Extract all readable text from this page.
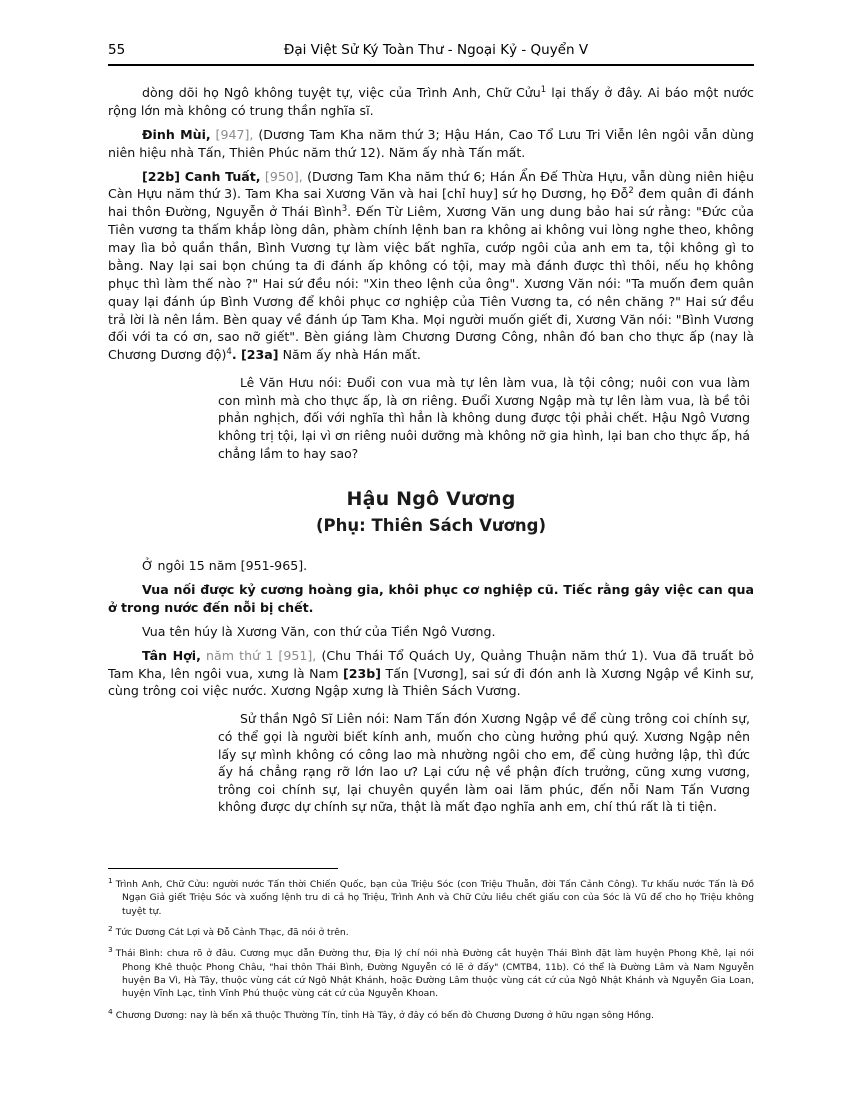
55	Đại Việt Sử Ký Toàn Thư - Ngoại Kỷ - Quyển V

dòng dõi họ Ngô không tuyệt tự, việc của Trình Anh, Chữ Cửu$^1$ lại thấy ở đây. Ai báo một nước rộng lớn mà không có trung thần nghĩa sĩ.

Đinh Mùi, [947], (Dương Tam Kha năm thứ 3; Hậu Hán, Cao Tổ Lưu Tri Viễn lên ngôi vẫn dùng niên hiệu nhà Tấn, Thiên Phúc năm thứ 12). Năm ấy nhà Tấn mất.

[22b] Canh Tuất, [950], (Dương Tam Kha năm thứ 6; Hán Ẩn Đế Thừa Hựu, vẫn dùng niên hiệu Càn Hựu năm thứ 3). Tam Kha sai Xương Văn và hai [chỉ huy] sứ họ Dương, họ Đỗ$^2$ đem quân đi đánh hai thôn Đường, Nguyễn ở Thái Bình$^3$. Đến Từ Liêm, Xương Văn ung dung bảo hai sứ rằng: "Đức của Tiên vương ta thấm khắp lòng dân, phàm chính lệnh ban ra không ai không vui lòng nghe theo, không may lìa bỏ quần thần, Bình Vương tự làm việc bất nghĩa, cướp ngôi của anh em ta, tội không gì to bằng. Nay lại sai bọn chúng ta đi đánh ấp không có tội, may mà đánh được thì thôi, nếu họ không phục thì làm thế nào ?" Hai sứ đều nói: "Xin theo lệnh của ông". Xương Văn nói: "Ta muốn đem quân quay lại đánh úp Bình Vương để khôi phục cơ nghiệp của Tiên Vương ta, có nên chăng ?" Hai sứ đều trả lời là nên lắm. Bèn quay về đánh úp Tam Kha. Mọi người muốn giết đi, Xương Văn nói: "Bình Vương đối với ta có ơn, sao nỡ giết". Bèn giáng làm Chương Dương Công, nhân đó ban cho thực ấp (nay là Chương Dương độ)$^4$. [23a] Năm ấy nhà Hán mất.

Lê Văn Hưu nói: Đuổi con vua mà tự lên làm vua, là tội công; nuôi con vua làm con mình mà cho thực ấp, là ơn riêng. Đuổi Xương Ngập mà tự lên làm vua, là bề tôi phản nghịch, đối với nghĩa thì hẳn là không dung được tội phải chết. Hậu Ngô Vương không trị tội, lại vì ơn riêng nuôi dưỡng mà không nỡ gia hình, lại ban cho thực ấp, há chẳng lầm to hay sao?
Hậu Ngô Vương
(Phụ: Thiên Sách Vương)

Ở ngôi 15 năm [951-965].

Vua nối được kỷ cương hoàng gia, khôi phục cơ nghiệp cũ. Tiếc rằng gây việc can qua ở trong nước đến nỗi bị chết.

Vua tên húy là Xương Văn, con thứ của Tiền Ngô Vương.

Tân Hợi, năm thứ 1 [951], (Chu Thái Tổ Quách Uy, Quảng Thuận năm thứ 1). Vua đã truất bỏ Tam Kha, lên ngôi vua, xưng là Nam [23b] Tấn [Vương], sai sứ đi đón anh là Xương Ngập về Kinh sư, cùng trông coi việc nước. Xương Ngập xưng là Thiên Sách Vương.

Sử thần Ngô Sĩ Liên nói: Nam Tấn đón Xương Ngập về để cùng trông coi chính sự, có thể gọi là người biết kính anh, muốn cho cùng hưởng phú quý. Xương Ngập nên lấy sự mình không có công lao mà nhường ngôi cho em, để cùng hưởng lập, thì đức ấy há chẳng rạng rỡ lớn lao ư? Lại cứu nệ về phận đích trưởng, cũng xưng vương, trông coi chính sự, lại chuyên quyền làm oai lăm phúc, đến nỗi Nam Tấn Vương không được dự chính sự nữa, thật là mất đạo nghĩa anh em, chí thú rất là ti tiện.

$^1$ Trình Anh, Chữ Cửu: người nước Tấn thời Chiến Quốc, bạn của Triệu Sóc (con Triệu Thuẫn, đời Tấn Cảnh Công). Tư khấu nước Tấn là Đồ Ngạn Giả giết Triệu Sóc và xuống lệnh tru di cả họ Triệu, Trình Anh và Chữ Cửu liều chết giấu con của Sóc là Vũ để cho họ Triệu không tuyệt tự.

$^2$ Tức Dương Cát Lợi và Đỗ Cảnh Thạc, đã nói ở trên.

$^3$ Thái Bình: chưa rõ ở đâu. Cương mục dẫn Đường thư, Địa lý chí nói nhà Đường cắt huyện Thái Bình đặt làm huyện Phong Khê, lại nói Phong Khê thuộc Phong Châu, "hai thôn Thái Bình, Đường Nguyễn có lẽ ở đấy" (CMTB4, 11b). Có thể là Đường Lâm và Nam Nguyễn huyện Ba Vì, Hà Tây, thuộc vùng cát cứ Ngô Nhật Khánh, hoặc Đường Lâm thuộc vùng cát cứ của Ngô Nhật Khánh và Nguyễn Gia Loan, huyện Vĩnh Lạc, tỉnh Vĩnh Phú thuộc vùng cát cứ của Nguyễn Khoan.

$^4$ Chương Dương: nay là bến xã thuộc Thường Tín, tỉnh Hà Tây, ở đây có bến đò Chương Dương ở hữu ngạn sông Hồng.
